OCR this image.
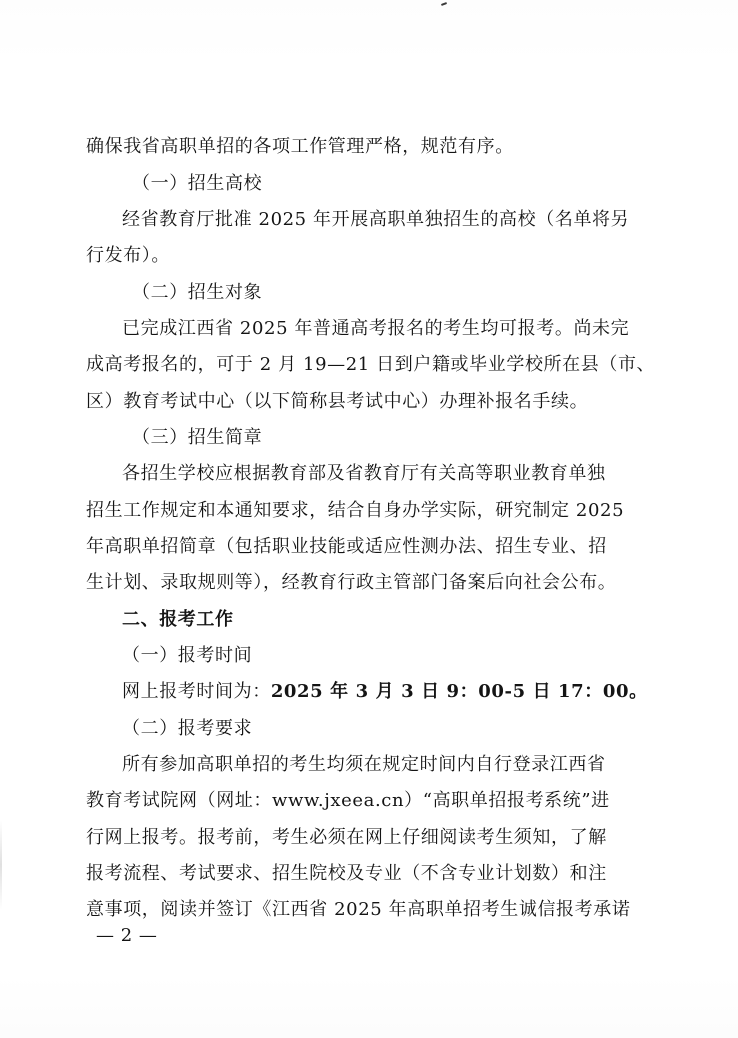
确保我省高职单招的各项工作管理严格，规范有序。
（一）招生高校
经省教育厅批准 2025 年开展高职单独招生的高校（名单将另
行发布）。
（二）招生对象
已完成江西省 2025 年普通高考报名的考生均可报考。尚未完
成高考报名的，可于 2 月 19—21 日到户籍或毕业学校所在县（市、
区）教育考试中心（以下简称县考试中心）办理补报名手续。
（三）招生简章
各招生学校应根据教育部及省教育厅有关高等职业教育单独
招生工作规定和本通知要求，结合自身办学实际，研究制定 2025
年高职单招简章（包括职业技能或适应性测办法、招生专业、招
生计划、录取规则等），经教育行政主管部门备案后向社会公布。
二、报考工作
（一）报考时间
网上报考时间为：2025 年 3 月 3 日 9：00-5 日 17：00。
（二）报考要求
所有参加高职单招的考生均须在规定时间内自行登录江西省
教育考试院网（网址：www.jxeea.cn）“高职单招报考系统”进
行网上报考。报考前，考生必须在网上仔细阅读考生须知，了解
报考流程、考试要求、招生院校及专业（不含专业计划数）和注
意事项，阅读并签订《江西省 2025 年高职单招考生诚信报考承诺
— 2 —
